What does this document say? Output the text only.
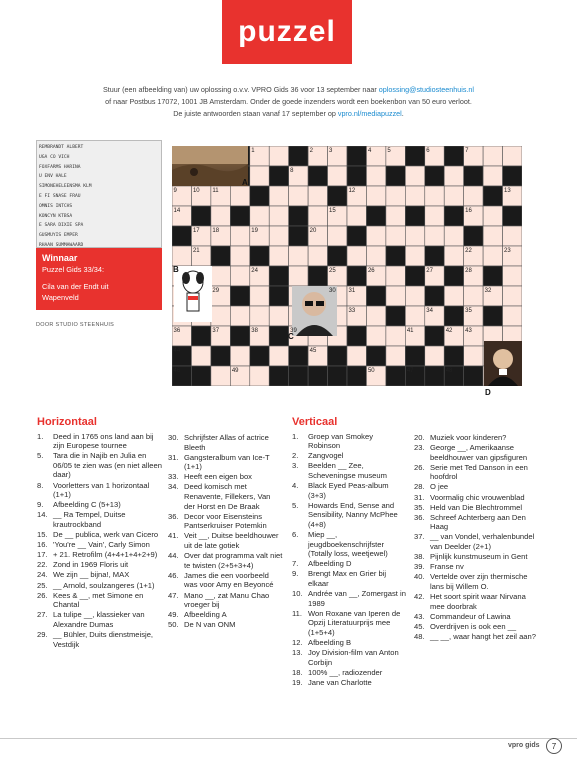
puzzel
Stuur (een afbeelding van) uw oplossing o.v.v. VPRO Gids 36 voor 13 september naar oplossing@studiosteenhuis.nl
of naar Postbus 17072, 1001 JB Amsterdam. Onder de goede inzenders wordt een boekenbon van 50 euro verloot.
De juiste antwoorden staan vanaf 17 september op vpro.nl/mediapuzzel.
REMBRANDT ALBERT
UGA CO VICH
FOXFARMS HARINA
U ENV HALE
SIMONEHELEENSMA KLM
E FI SNASE FRAU
OMNIS INTCHS
KONCYN KTBSA
E SARA DIXIE SPA
GUSMUYIS EMPER
RHAAN SUMMAWAARD
Winnaar
Puzzel Gids 33/34:
Cila van der Endt uit
Wapenveld
DOOR STUDIO STEENHUIS
A
B
C
D
1	2	3	4	5	6	7
8
9	10 11	12	13
14	15	16
17 18	19	20
21	22	23
24	25	26	27	28
29	30 31	32
33	34	35
36	37	38	39 40	41	42 43
44	45
46	47	48
49	50
Horizontaal
1.	Deed in 1765 ons land aan bij zijn Europese tournee
5.	Tara die in Najib en Julia en 06/05 te zien was (en niet alleen daar)
8.	Voorletters van 1 horizontaal (1+1)
9.	Afbeelding C (5+13)
14. __ Ra Tempel, Duitse krautrockband
15. De __ publica, werk van Cicero
16. 'You're __ Vain', Carly Simon
17. + 21. Retrofilm (4+4+1+4+2+9)
22. Zond in 1969 Floris uit
24. We zijn __ bijna!, MAX
25. __ Arnold, soulzangeres (1+1)
26. Kees & __, met Simone en Chantal
27. La tulipe __, klassieker van Alexandre Dumas
29. __ Bühler, Duits dienstmeisje, Vestdijk
30. Schrijfster Allas of actrice Bleeth
31. Gangsteralbum van Ice-T (1+1)
33. Heeft een eigen box
34. Deed komisch met Renavente, Fillekers, Van der Horst en De Braak
36. Decor voor Eisensteins Pantserkruiser Potemkin
41. Veit __, Duitse beeldhouwer uit de late gotiek
44. Over dat programma valt niet te twisten (2+5+3+4)
46. James die een voorbeeld was voor Amy en Beyoncé
47. Mano __, zat Manu Chao vroeger bij
49. Afbeelding A
50. De N van ONM
Verticaal
1.	Groep van Smokey Robinson
2.	Zangvogel
3.	Beelden __ Zee, Scheveningse museum
4.	Black Eyed Peas-album (3+3)
5.	Howards End, Sense and Sensibility, Nanny McPhee (4+8)
6.	Miep __, jeugdboekenschrijfster (Totally loss, weetjewel)
7.	Afbeelding D
9.	Brengt Max en Grier bij elkaar
10. Andrée van __, Zomergast in 1989
11. Won Roxane van Iperen de Opzij Literatuurprijs mee (1+5+4)
12. Afbeelding B
13. Joy Division-film van Anton Corbijn
18. 100% __, radiozender
19. Jane van Charlotte
20. Muziek voor kinderen?
23. George __, Amerikaanse beeldhouwer van gipsfiguren
26. Serie met Ted Danson in een hoofdrol
28. O jee
31. Voormalig chic vrouwenblad
35. Held van Die Blechtrommel
36. Schreef Achterberg aan Den Haag
37. __ van Vondel, verhalenbundel van Deelder (2+1)
38. Pijnlijk kunstmuseum in Gent
39. Franse nv
40. Vertelde over zijn thermische lans bij Willem O.
42. Het soort spirit waar Nirvana mee doorbrak
43. Commandeur of Lawina
45. Overdrijven is ook een __
48. __ __, waar hangt het zeil aan?
vpro gids	7
